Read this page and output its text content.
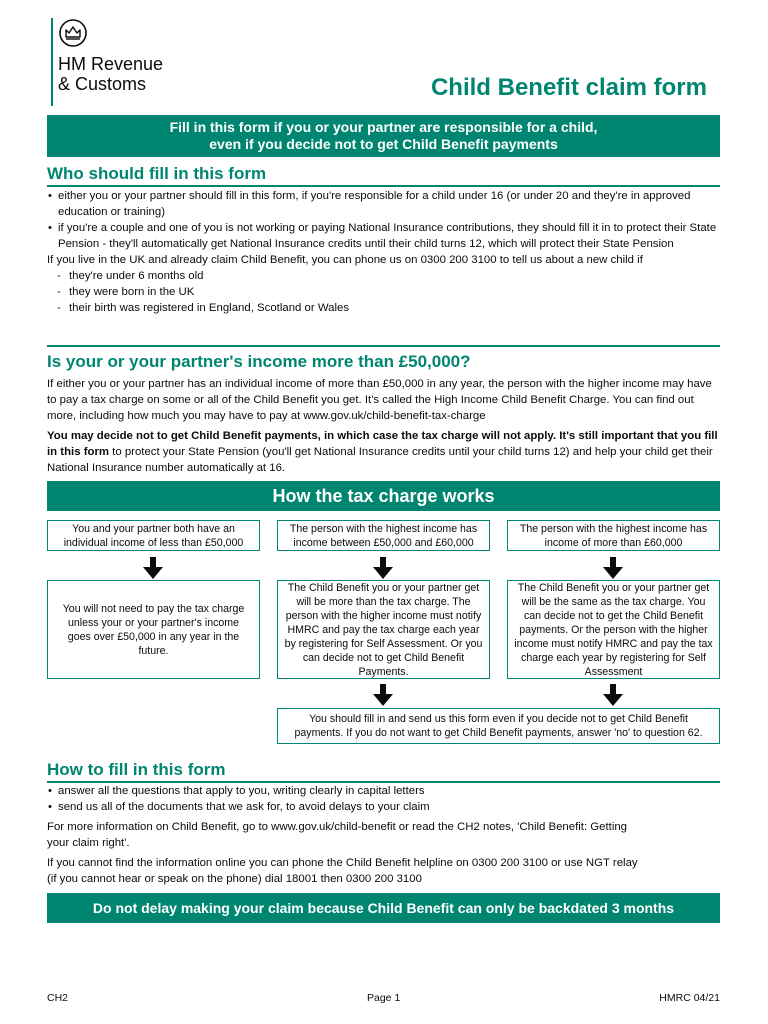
HM Revenue
& Customs	Child Benefit claim form
Fill in this form if you or your partner are responsible for a child,
even if you decide not to get Child Benefit payments
Who should fill in this form
• either you or your partner should fill in this form, if you're responsible for a child under 16 (or under 20 and they're in approved education or training)
• if you're a couple and one of you is not working or paying National Insurance contributions, they should fill it in to protect their State Pension - they'll automatically get National Insurance credits until their child turns 12, which will protect their State Pension

If you live in the UK and already claim Child Benefit, you can phone us on 0300 200 3100 to tell us about a new child if

- they're under 6 months old
- they were born in the UK
- their birth was registered in England, Scotland or Wales
Is your or your partner's income more than £50,000?

If either you or your partner has an individual income of more than £50,000 in any year, the person with the higher income may have to pay a tax charge on some or all of the Child Benefit you get. It's called the High Income Child Benefit Charge. You can find out more, including how much you may have to pay at www.gov.uk/child-benefit-tax-charge

You may decide not to get Child Benefit payments, in which case the tax charge will not apply. It's still important that you fill in this form to protect your State Pension (you'll get National Insurance credits until your child turns 12) and help your child get their National Insurance number automatically at 16.

How the tax charge works
You and your partner both have an individual income of less than £50,000
The person with the highest income has income between £50,000 and £60,000
The person with the highest income has income of more than £60,000
You will not need to pay the tax charge unless your or your partner's income goes over £50,000 in any year in the future.
The Child Benefit you or your partner get will be more than the tax charge. The person with the higher income must notify HMRC and pay the tax charge each year by registering for Self Assessment. Or you can decide not to get Child Benefit Payments.
The Child Benefit you or your partner get will be the same as the tax charge. You can decide not to get the Child Benefit payments. Or the person with the higher income must notify HMRC and pay the tax charge each year by registering for Self Assessment
You should fill in and send us this form even if you decide not to get Child Benefit payments. If you do not want to get Child Benefit payments, answer 'no' to question 62.
How to fill in this form
• answer all the questions that apply to you, writing clearly in capital letters
• send us all of the documents that we ask for, to avoid delays to your claim

For more information on Child Benefit, go to www.gov.uk/child-benefit or read the CH2 notes, 'Child Benefit: Getting your claim right'.

If you cannot find the information online you can phone the Child Benefit helpline on 0300 200 3100 or use NGT relay

(if you cannot hear or speak on the phone) dial 18001 then 0300 200 3100

Do not delay making your claim because Child Benefit can only be backdated 3 months
CH2	Page 1	HMRC 04/21
